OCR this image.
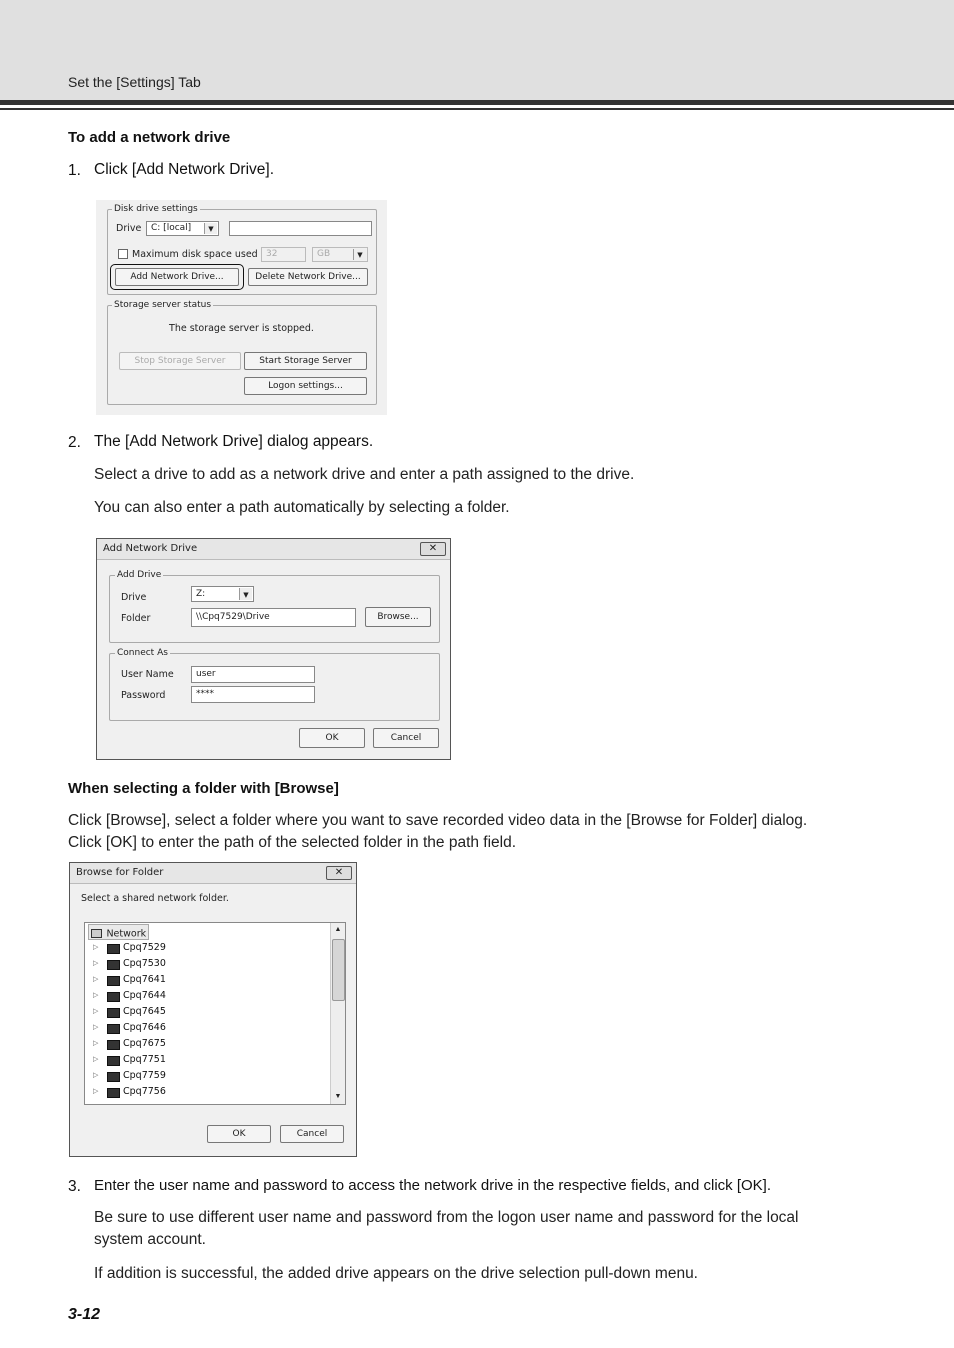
Set the [Settings] Tab
To add a network drive
1. Click [Add Network Drive].
Disk drive settings
Drive	C: [local]	▼
Maximum disk space used 32	GB	▼
Add Network Drive...	Delete Network Drive...
Storage server status
The storage server is stopped.
Stop Storage Server	Start Storage Server
Logon settings...
2. The [Add Network Drive] dialog appears.
Select a drive to add as a network drive and enter a path assigned to the drive.
You can also enter a path automatically by selecting a folder.
Add Network Drive	✕
Add Drive
Drive	Z:	▼
Folder	\\Cpq7529\Drive	Browse...
Connect As
User Name	user
Password	****
OK	Cancel
When selecting a folder with [Browse]
Click [Browse], select a folder where you want to save recorded video data in the [Browse for Folder] dialog.
Click [OK] to enter the path of the selected folder in the path field.
Browse for Folder	✕
Select a shared network folder.
Network
▷	Cpq7529
▷	Cpq7530
▷	Cpq7641
▷	Cpq7644
▷	Cpq7645
▷	Cpq7646
▷	Cpq7675
▷	Cpq7751
▷	Cpq7759
▷	Cpq7756
▲
▼
OK	Cancel
3. Enter the user name and password to access the network drive in the respective fields, and click [OK].
Be sure to use different user name and password from the logon user name and password for the local
system account.
If addition is successful, the added drive appears on the drive selection pull-down menu.
3-12
